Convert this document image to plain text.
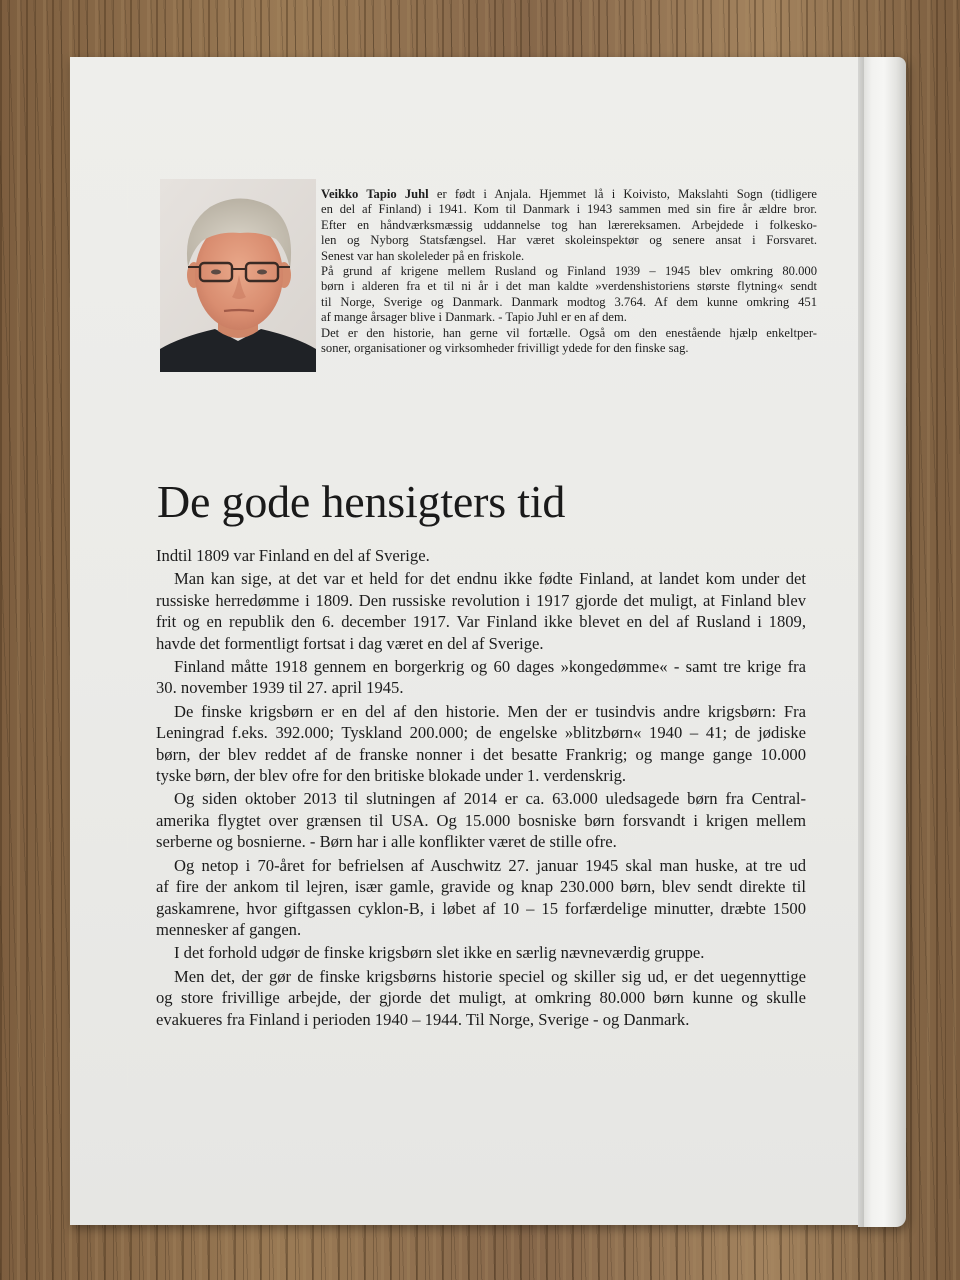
Veikko Tapio Juhl er født i Anjala. Hjemmet lå i Koivisto, Makslahti Sogn (tidligere
en del af Finland) i 1941. Kom til Danmark i 1943 sammen med sin fire år ældre bror.
Efter en håndværksmæssig uddannelse tog han lærereksamen. Arbejdede i folkesko-
len og Nyborg Statsfængsel. Har været skoleinspektør og senere ansat i Forsvaret.
Senest var han skoleleder på en friskole.
På grund af krigene mellem Rusland og Finland 1939 – 1945 blev omkring 80.000
børn i alderen fra et til ni år i det man kaldte »verdenshistoriens største flytning« sendt
til Norge, Sverige og Danmark. Danmark modtog 3.764. Af dem kunne omkring 451
af mange årsager blive i Danmark. - Tapio Juhl er en af dem.
Det er den historie, han gerne vil fortælle. Også om den enestående hjælp enkeltper-
soner, organisationer og virksomheder frivilligt ydede for den finske sag.
De gode hensigters tid
Indtil 1809 var Finland en del af Sverige.
Man kan sige, at det var et held for det endnu ikke fødte Finland, at landet kom under det
russiske herredømme i 1809. Den russiske revolution i 1917 gjorde det muligt, at Finland blev
frit og en republik den 6. december 1917. Var Finland ikke blevet en del af Rusland i 1809,
havde det formentligt fortsat i dag været en del af Sverige.
Finland måtte 1918 gennem en borgerkrig og 60 dages »kongedømme« - samt tre krige fra
30. november 1939 til 27. april 1945.
De finske krigsbørn er en del af den historie. Men der er tusindvis andre krigsbørn: Fra
Leningrad f.eks. 392.000; Tyskland 200.000; de engelske »blitzbørn« 1940 – 41; de jødiske
børn, der blev reddet af de franske nonner i det besatte Frankrig; og mange gange 10.000
tyske børn, der blev ofre for den britiske blokade under 1. verdenskrig.
Og siden oktober 2013 til slutningen af 2014 er ca. 63.000 uledsagede børn fra Central-
amerika flygtet over grænsen til USA. Og 15.000 bosniske børn forsvandt i krigen mellem
serberne og bosnierne. - Børn har i alle konflikter været de stille ofre.
Og netop i 70-året for befrielsen af Auschwitz 27. januar 1945 skal man huske, at tre ud
af fire der ankom til lejren, især gamle, gravide og knap 230.000 børn, blev sendt direkte til
gaskamrene, hvor giftgassen cyklon-B, i løbet af 10 – 15 forfærdelige minutter, dræbte 1500
mennesker af gangen.
I det forhold udgør de finske krigsbørn slet ikke en særlig nævneværdig gruppe.
Men det, der gør de finske krigsbørns historie speciel og skiller sig ud, er det uegennyttige
og store frivillige arbejde, der gjorde det muligt, at omkring 80.000 børn kunne og skulle
evakueres fra Finland i perioden 1940 – 1944. Til Norge, Sverige - og Danmark.
